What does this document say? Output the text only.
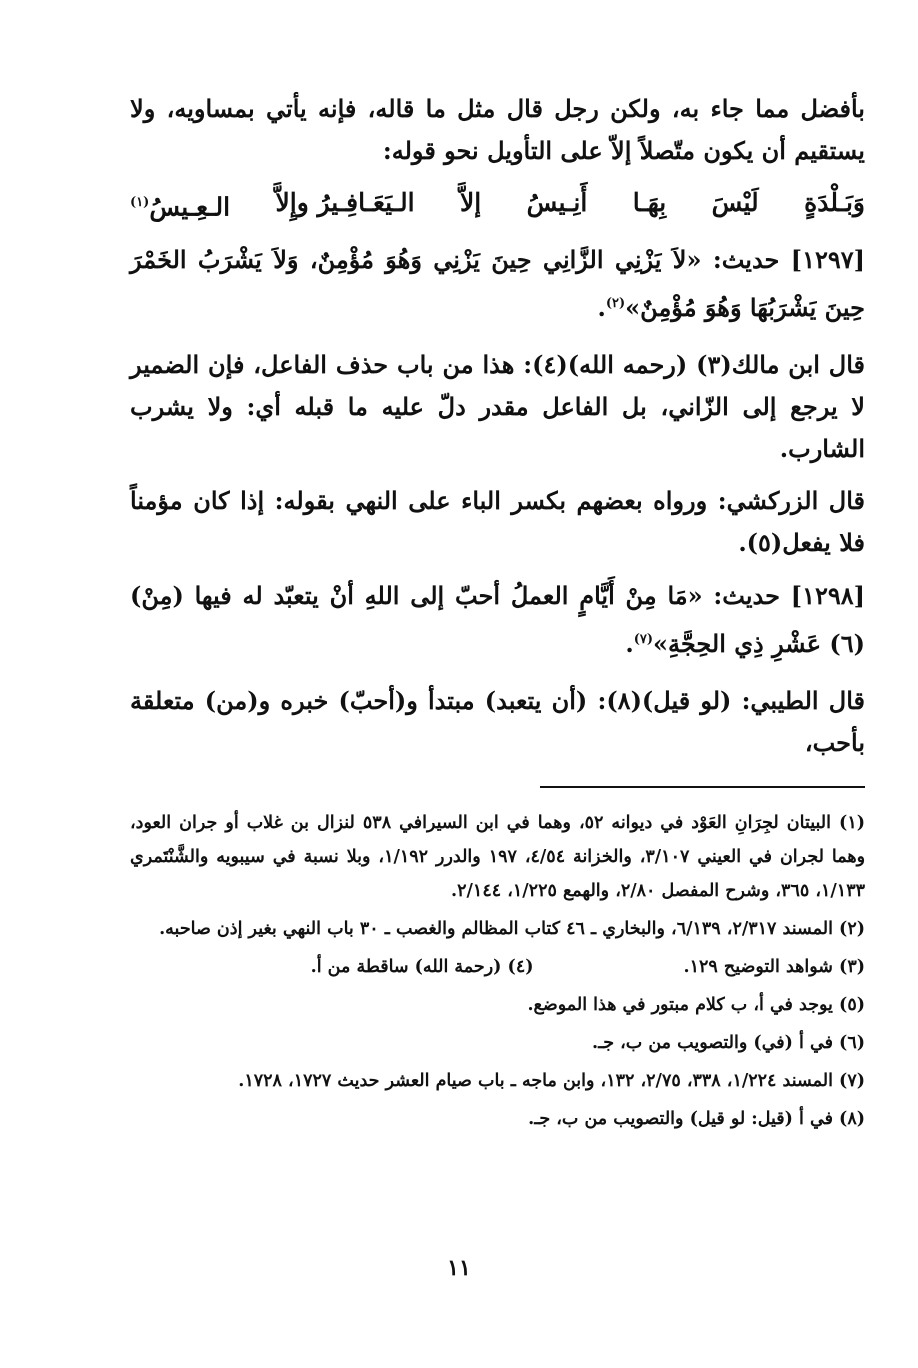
بأفضل مما جاء به، ولكن رجل قال مثل ما قاله، فإنه يأتي بمساويه، ولا يستقيم أن يكون متّصلاً إلاّ على التأويل نحو قوله:

وَبَـلْدَةٍ
لَيْسَ
بِهَـا
أَنِـيسُ
إلاَّ
الـيَعَـافِـيرُ وإِلاَّ
الـعِـيسُ$^{(١)}$

[١٢٩٧] حديث: «لاَ يَزْنِي الزَّانِي حِينَ يَزْنِي وَهُوَ مُؤْمِنٌ، وَلاَ يَشْرَبُ الخَمْرَ حِينَ يَشْرَبُهَا وَهُوَ مُؤْمِنٌ»$^{(٢)}$.

قال ابن مالك(٣) (رحمه الله)(٤): هذا من باب حذف الفاعل، فإن الضمير لا يرجع إلى الزّاني، بل الفاعل مقدر دلّ عليه ما قبله أي: ولا يشرب الشارب.

قال الزركشي: ورواه بعضهم بكسر الباء على النهي بقوله: إذا كان مؤمناً فلا يفعل(٥).

[١٢٩٨] حديث: «مَا مِنْ أَيَّامٍ العملُ أحبّ إلى اللهِ أنْ يتعبّد له فيها (مِنْ)(٦) عَشْرِ ذِي الحِجَّةِ»$^{(٧)}$.

قال الطيبي: (لو قيل)(٨): (أن يتعبد) مبتدأ و(أحبّ) خبره و(من) متعلقة بأحب،

(١) البيتان لجِرَانِ العَوْد في ديوانه ٥٢، وهما في ابن السيرافي ٥٣٨ لنزال بن غلاب أو جران العود، وهما لجران في العيني ٣/١٠٧، والخزانة ٤/٥٤، ١٩٧ والدرر ١/١٩٢، وبلا نسبة في سيبويه والشَّنْتَمري ١/١٣٣، ٣٦٥، وشرح المفصل ٢/٨٠، والهمع ١/٢٢٥، ٢/١٤٤.

(٢) المسند ٢/٣١٧، ٦/١٣٩، والبخاري ـ ٤٦ كتاب المظالم والغصب ـ ٣٠ باب النهي بغير إذن صاحبه.

(٣) شواهد التوضيح ١٢٩.
(٤) (رحمة الله) ساقطة من أ.

(٥) يوجد في أ، ب كلام مبتور في هذا الموضع.

(٦) في أ (في) والتصويب من ب، جـ.

(٧) المسند ١/٢٢٤، ٣٣٨، ٢/٧٥، ١٣٢، وابن ماجه ـ باب صيام العشر حديث ١٧٢٧، ١٧٢٨.

(٨) في أ (قيل: لو قيل) والتصويب من ب، جـ.

١١
